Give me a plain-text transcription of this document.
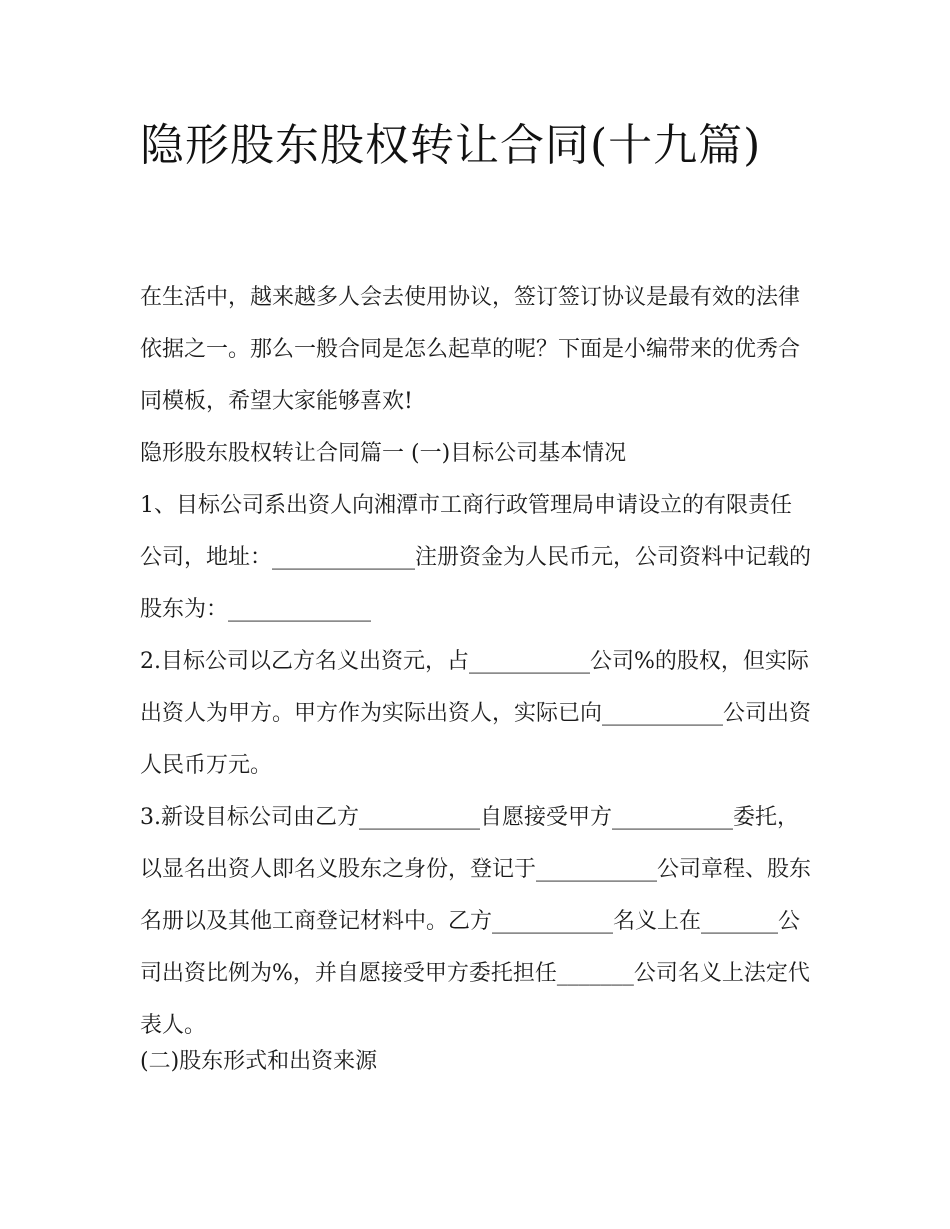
隐形股东股权转让合同(十九篇)

在生活中，越来越多人会去使用协议，签订签订协议是最有效的法律依据之一。那么一般合同是怎么起草的呢？下面是小编带来的优秀合同模板，希望大家能够喜欢!

隐形股东股权转让合同篇一 (一)目标公司基本情况

1、目标公司系出资人向湘潭市工商行政管理局申请设立的有限责任公司，地址：_____________注册资金为人民币元，公司资料中记载的股东为：_____________

2.目标公司以乙方名义出资元，占___________公司%的股权，但实际出资人为甲方。甲方作为实际出资人，实际已向___________公司出资人民币万元。

3.新设目标公司由乙方___________自愿接受甲方___________委托，以显名出资人即名义股东之身份，登记于___________公司章程、股东名册以及其他工商登记材料中。乙方___________名义上在_______公司出资比例为%，并自愿接受甲方委托担任_______公司名义上法定代表人。

(二)股东形式和出资来源
